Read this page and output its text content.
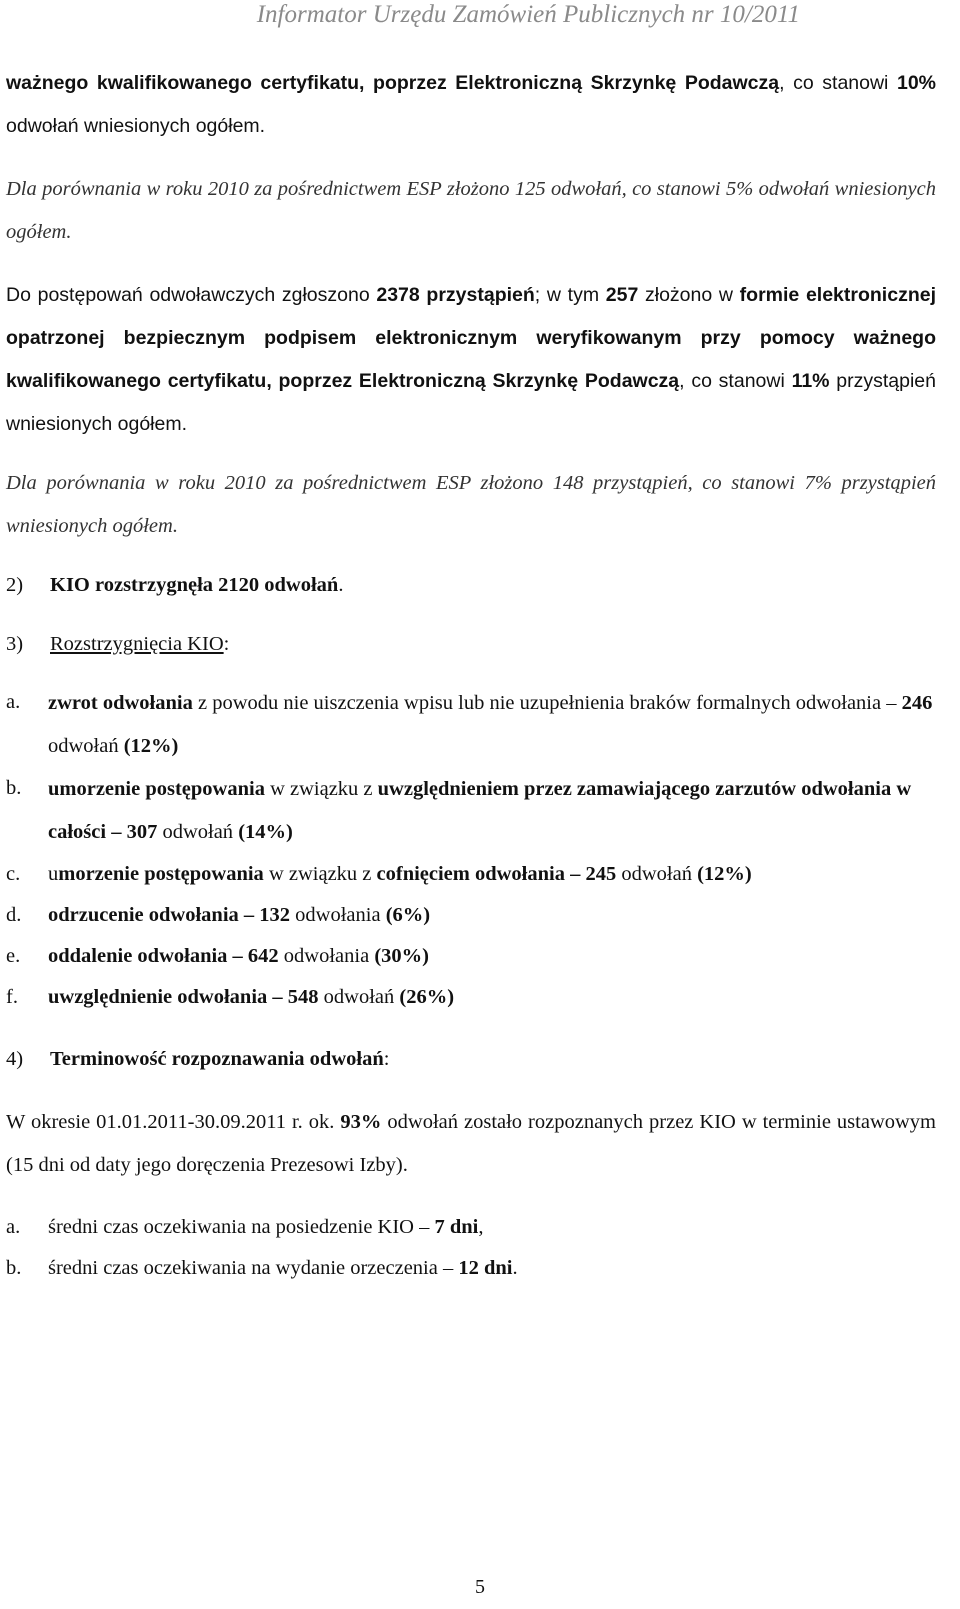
Informator Urzędu Zamówień Publicznych nr 10/2011

ważnego kwalifikowanego certyfikatu, poprzez Elektroniczną Skrzynkę Podawczą, co stanowi 10% odwołań wniesionych ogółem.

Dla porównania w roku 2010 za pośrednictwem ESP złożono 125 odwołań, co stanowi 5% odwołań wniesionych ogółem.

Do postępowań odwoławczych zgłoszono 2378 przystąpień; w tym 257 złożono w formie elektronicznej opatrzonej bezpiecznym podpisem elektronicznym weryfikowanym przy pomocy ważnego kwalifikowanego certyfikatu, poprzez Elektroniczną Skrzynkę Podawczą, co stanowi 11% przystąpień wniesionych ogółem.

Dla porównania w roku 2010 za pośrednictwem ESP złożono 148 przystąpień, co stanowi 7% przystąpień wniesionych ogółem.

2) KIO rozstrzygnęła 2120 odwołań.

3) Rozstrzygnięcia KIO:

a.	zwrot odwołania z powodu nie uiszczenia wpisu lub nie uzupełnienia braków formalnych odwołania – 246 odwołań (12%)
b.	umorzenie postępowania w związku z uwzględnieniem przez zamawiającego zarzutów odwołania w całości – 307 odwołań (14%)
c.	umorzenie postępowania w związku z cofnięciem odwołania – 245 odwołań (12%)
d.	odrzucenie odwołania – 132 odwołania (6%)
e.	oddalenie odwołania – 642 odwołania (30%)
f.	uwzględnienie odwołania – 548 odwołań (26%)

4) Terminowość rozpoznawania odwołań:

W okresie 01.01.2011-30.09.2011 r. ok. 93% odwołań zostało rozpoznanych przez KIO w terminie ustawowym (15 dni od daty jego doręczenia Prezesowi Izby).

a.	średni czas oczekiwania na posiedzenie KIO – 7 dni,
b.	średni czas oczekiwania na wydanie orzeczenia – 12 dni.
5
